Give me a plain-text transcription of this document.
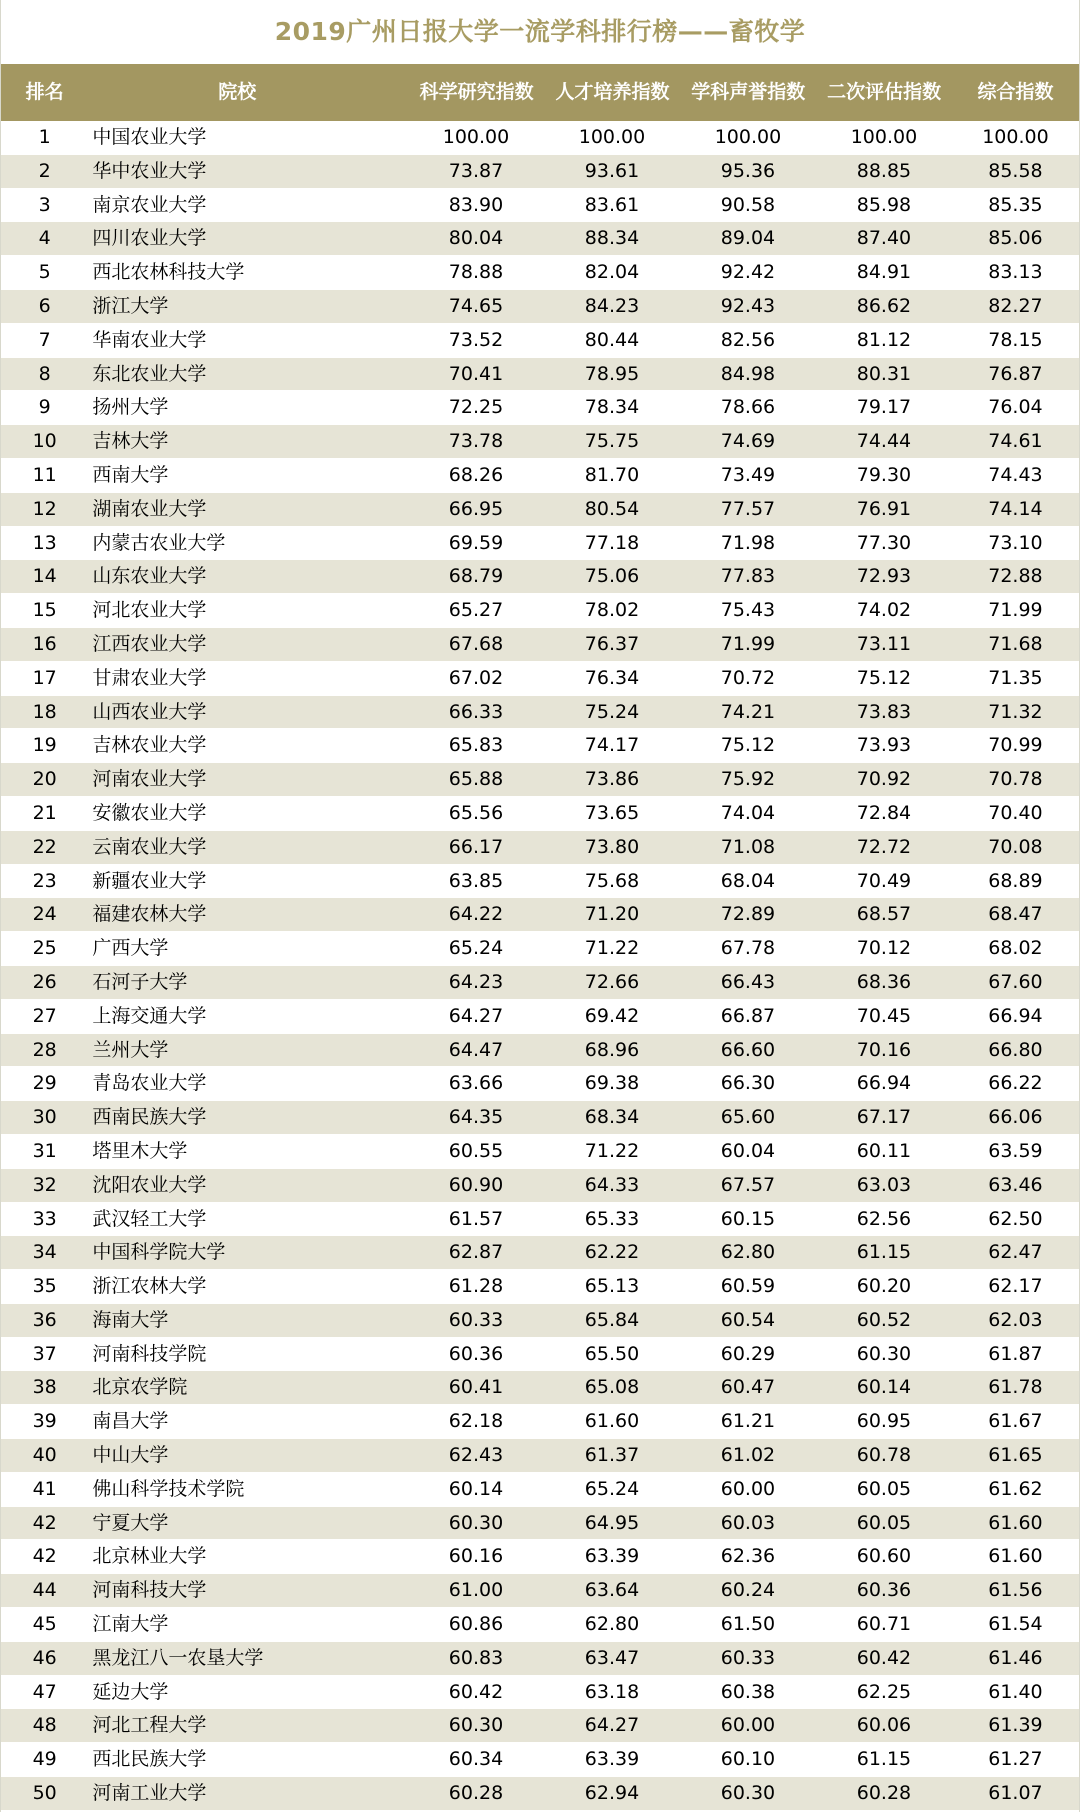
2019广州日报大学一流学科排行榜——畜牧学
排名	院校	科学研究指数	人才培养指数	学科声誉指数	二次评估指数	综合指数
1	中国农业大学	100.00	100.00	100.00	100.00	100.00
2	华中农业大学	73.87	93.61	95.36	88.85	85.58
3	南京农业大学	83.90	83.61	90.58	85.98	85.35
4	四川农业大学	80.04	88.34	89.04	87.40	85.06
5	西北农林科技大学	78.88	82.04	92.42	84.91	83.13
6	浙江大学	74.65	84.23	92.43	86.62	82.27
7	华南农业大学	73.52	80.44	82.56	81.12	78.15
8	东北农业大学	70.41	78.95	84.98	80.31	76.87
9	扬州大学	72.25	78.34	78.66	79.17	76.04
10	吉林大学	73.78	75.75	74.69	74.44	74.61
11	西南大学	68.26	81.70	73.49	79.30	74.43
12	湖南农业大学	66.95	80.54	77.57	76.91	74.14
13	内蒙古农业大学	69.59	77.18	71.98	77.30	73.10
14	山东农业大学	68.79	75.06	77.83	72.93	72.88
15	河北农业大学	65.27	78.02	75.43	74.02	71.99
16	江西农业大学	67.68	76.37	71.99	73.11	71.68
17	甘肃农业大学	67.02	76.34	70.72	75.12	71.35
18	山西农业大学	66.33	75.24	74.21	73.83	71.32
19	吉林农业大学	65.83	74.17	75.12	73.93	70.99
20	河南农业大学	65.88	73.86	75.92	70.92	70.78
21	安徽农业大学	65.56	73.65	74.04	72.84	70.40
22	云南农业大学	66.17	73.80	71.08	72.72	70.08
23	新疆农业大学	63.85	75.68	68.04	70.49	68.89
24	福建农林大学	64.22	71.20	72.89	68.57	68.47
25	广西大学	65.24	71.22	67.78	70.12	68.02
26	石河子大学	64.23	72.66	66.43	68.36	67.60
27	上海交通大学	64.27	69.42	66.87	70.45	66.94
28	兰州大学	64.47	68.96	66.60	70.16	66.80
29	青岛农业大学	63.66	69.38	66.30	66.94	66.22
30	西南民族大学	64.35	68.34	65.60	67.17	66.06
31	塔里木大学	60.55	71.22	60.04	60.11	63.59
32	沈阳农业大学	60.90	64.33	67.57	63.03	63.46
33	武汉轻工大学	61.57	65.33	60.15	62.56	62.50
34	中国科学院大学	62.87	62.22	62.80	61.15	62.47
35	浙江农林大学	61.28	65.13	60.59	60.20	62.17
36	海南大学	60.33	65.84	60.54	60.52	62.03
37	河南科技学院	60.36	65.50	60.29	60.30	61.87
38	北京农学院	60.41	65.08	60.47	60.14	61.78
39	南昌大学	62.18	61.60	61.21	60.95	61.67
40	中山大学	62.43	61.37	61.02	60.78	61.65
41	佛山科学技术学院	60.14	65.24	60.00	60.05	61.62
42	宁夏大学	60.30	64.95	60.03	60.05	61.60
42	北京林业大学	60.16	63.39	62.36	60.60	61.60
44	河南科技大学	61.00	63.64	60.24	60.36	61.56
45	江南大学	60.86	62.80	61.50	60.71	61.54
46	黑龙江八一农垦大学	60.83	63.47	60.33	60.42	61.46
47	延边大学	60.42	63.18	60.38	62.25	61.40
48	河北工程大学	60.30	64.27	60.00	60.06	61.39
49	西北民族大学	60.34	63.39	60.10	61.15	61.27
50	河南工业大学	60.28	62.94	60.30	60.28	61.07
